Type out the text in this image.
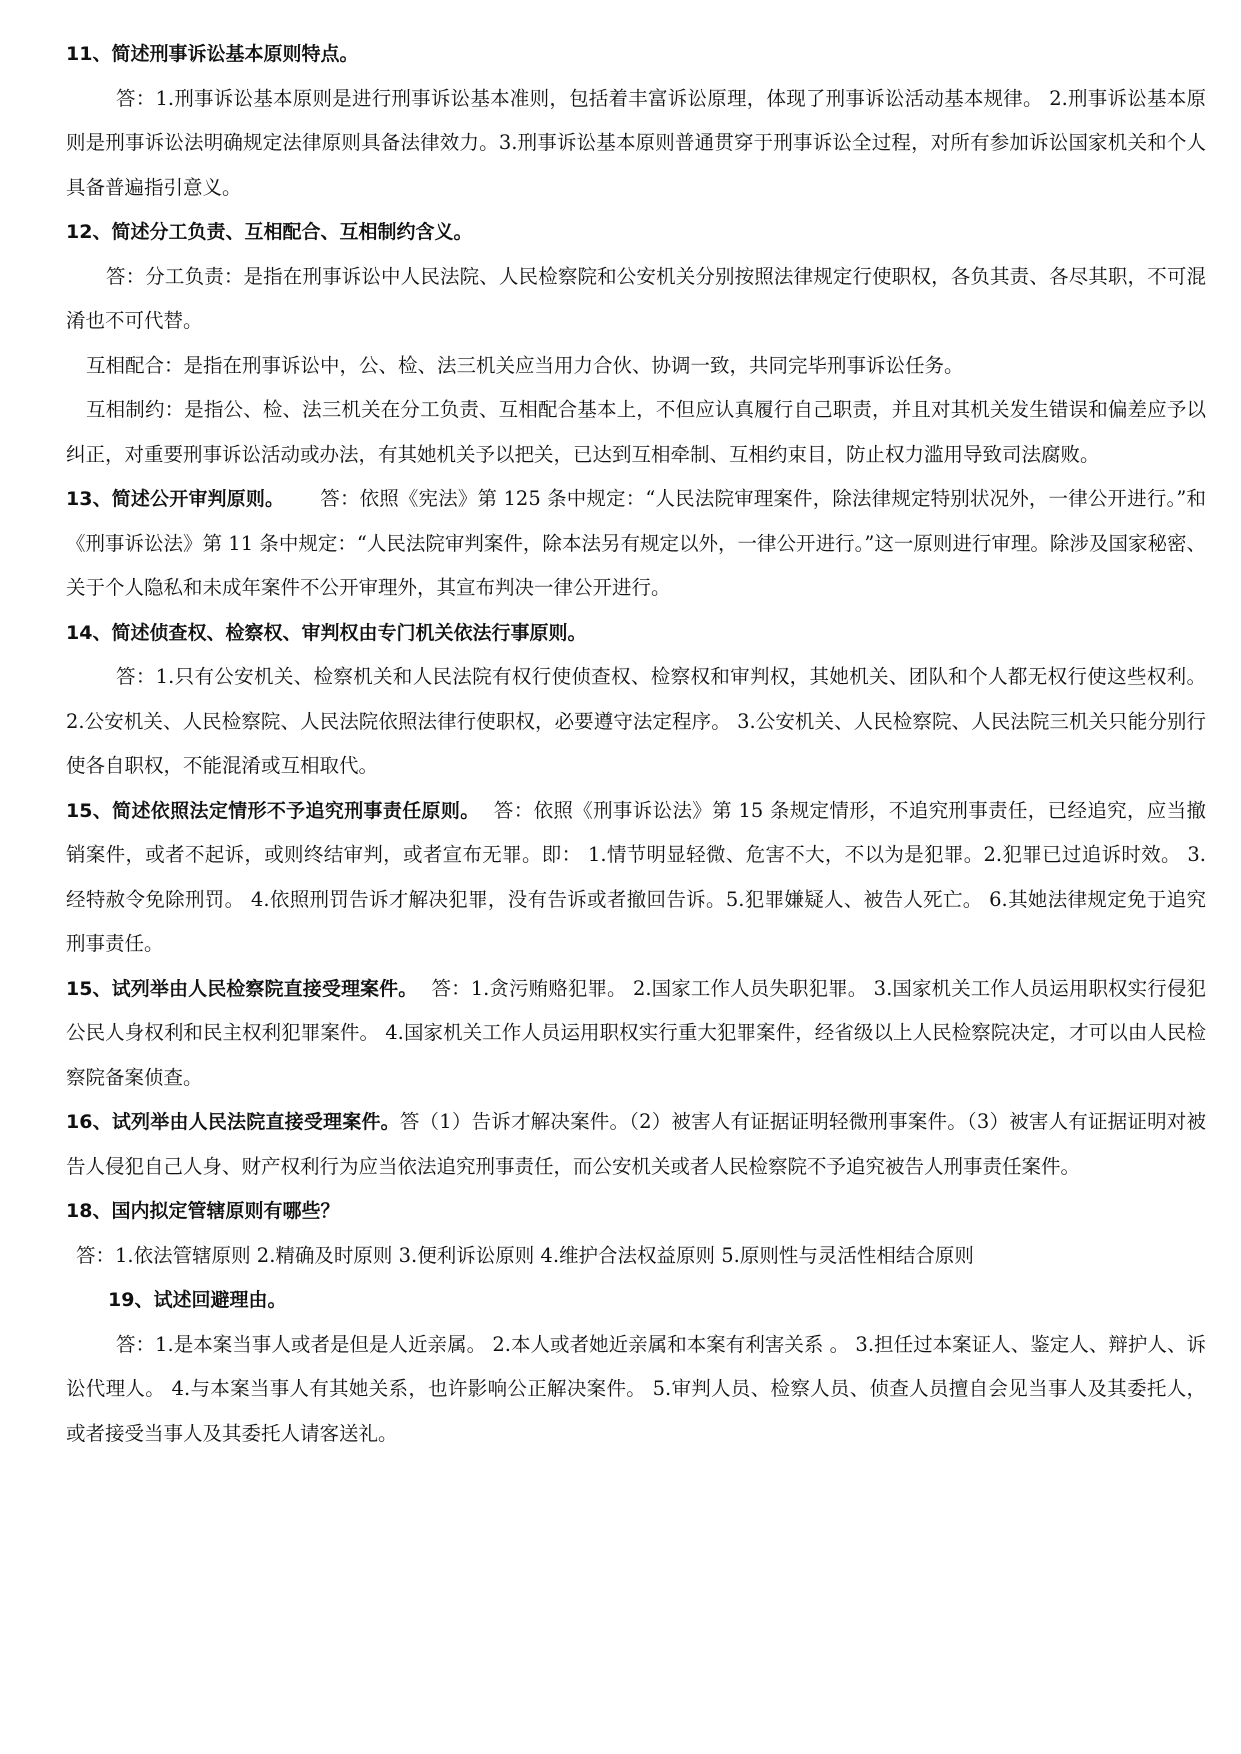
11、简述刑事诉讼基本原则特点。

答：1.刑事诉讼基本原则是进行刑事诉讼基本准则，包括着丰富诉讼原理，体现了刑事诉讼活动基本规律。 2.刑事诉讼基本原则是刑事诉讼法明确规定法律原则具备法律效力。3.刑事诉讼基本原则普通贯穿于刑事诉讼全过程，对所有参加诉讼国家机关和个人具备普遍指引意义。

12、简述分工负责、互相配合、互相制约含义。

答：分工负责：是指在刑事诉讼中人民法院、人民检察院和公安机关分别按照法律规定行使职权，各负其责、各尽其职，不可混淆也不可代替。

互相配合：是指在刑事诉讼中，公、检、法三机关应当用力合伙、协调一致，共同完毕刑事诉讼任务。

互相制约：是指公、检、法三机关在分工负责、互相配合基本上，不但应认真履行自己职责，并且对其机关发生错误和偏差应予以纠正，对重要刑事诉讼活动或办法，有其她机关予以把关，已达到互相牵制、互相约束目，防止权力滥用导致司法腐败。

13、简述公开审判原则。 答：依照《宪法》第 125 条中规定：“人民法院审理案件，除法律规定特别状况外，一律公开进行。”和《刑事诉讼法》第 11 条中规定：“人民法院审判案件，除本法另有规定以外，一律公开进行。”这一原则进行审理。除涉及国家秘密、关于个人隐私和未成年案件不公开审理外，其宣布判决一律公开进行。

14、简述侦查权、检察权、审判权由专门机关依法行事原则。

答：1.只有公安机关、检察机关和人民法院有权行使侦查权、检察权和审判权，其她机关、团队和个人都无权行使这些权利。2.公安机关、人民检察院、人民法院依照法律行使职权，必要遵守法定程序。 3.公安机关、人民检察院、人民法院三机关只能分别行使各自职权，不能混淆或互相取代。

15、简述依照法定情形不予追究刑事责任原则。 答：依照《刑事诉讼法》第 15 条规定情形，不追究刑事责任，已经追究，应当撤销案件，或者不起诉，或则终结审判，或者宣布无罪。即： 1.情节明显轻微、危害不大，不以为是犯罪。2.犯罪已过追诉时效。 3.经特赦令免除刑罚。 4.依照刑罚告诉才解决犯罪，没有告诉或者撤回告诉。5.犯罪嫌疑人、被告人死亡。 6.其她法律规定免于追究刑事责任。

15、试列举由人民检察院直接受理案件。 答：1.贪污贿赂犯罪。 2.国家工作人员失职犯罪。 3.国家机关工作人员运用职权实行侵犯公民人身权利和民主权利犯罪案件。 4.国家机关工作人员运用职权实行重大犯罪案件，经省级以上人民检察院决定，才可以由人民检察院备案侦查。

16、试列举由人民法院直接受理案件。答（1）告诉才解决案件。（2）被害人有证据证明轻微刑事案件。（3）被害人有证据证明对被告人侵犯自己人身、财产权利行为应当依法追究刑事责任，而公安机关或者人民检察院不予追究被告人刑事责任案件。

18、国内拟定管辖原则有哪些？

答：1.依法管辖原则 2.精确及时原则 3.便利诉讼原则 4.维护合法权益原则 5.原则性与灵活性相结合原则

19、试述回避理由。

答：1.是本案当事人或者是但是人近亲属。 2.本人或者她近亲属和本案有利害关系 。 3.担任过本案证人、鉴定人、辩护人、诉讼代理人。 4.与本案当事人有其她关系，也许影响公正解决案件。 5.审判人员、检察人员、侦查人员擅自会见当事人及其委托人，或者接受当事人及其委托人请客送礼。
